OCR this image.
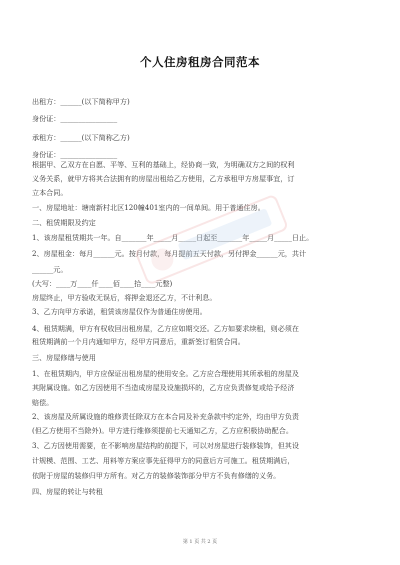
个人住房租房合同范本
出租方：______(以下简称甲方)
身份证：________________
承租方：______(以下简称乙方)
身份证：________________
根据甲、乙双方在自愿、平等、互利的基础上，经协商一致，为明确双方之间的权利
义务关系，就甲方将其合法拥有的房屋出租给乙方使用，乙方承租甲方房屋事宜，订
立本合同。
一、房屋地址：塘南新村北区120幢401室内的一间单间。用于普通住房。
二、租赁期限及约定
1、该房屋租赁期共一年。自_______年_____月_____日起至_______年_____月_____日止。
2、房屋租金：每月______元。按月付款，每月提前五天付款，另付押金______元，共计
______元。
(大写：____万____仟____佰____拾____元整)
房屋终止，甲方验收无误后，将押金退还乙方，不计利息。
3、乙方向甲方承诺，租赁该房屋仅作为普通住房使用。
4、租赁期满，甲方有权收回出租房屋，乙方应如期交还。乙方如要求续租，则必须在
租赁期满前一个月内通知甲方，经甲方同意后，重新签订租赁合同。
三、房屋修缮与使用
1、在租赁期内，甲方应保证出租房屋的使用安全。乙方应合理使用其所承租的房屋及
其附属设施。如乙方因使用不当造成房屋及设施损坏的，乙方应负责修复或给予经济
赔偿。
2、该房屋及所属设施的维修责任除双方在本合同及补充条款中约定外，均由甲方负责
(但乙方使用不当除外)。甲方进行维修须提前七天通知乙方，乙方应积极协助配合。
3、乙方因使用需要，在不影响房屋结构的前提下，可以对房屋进行装修装饰，但其设
计规模、范围、工艺、用料等方案应事先征得甲方的同意后方可施工。租赁期满后，
依附于房屋的装修归甲方所有。对乙方的装修装饰部分甲方不负有修缮的义务。
四、房屋的转让与转租
第 1 页 共 2 页
